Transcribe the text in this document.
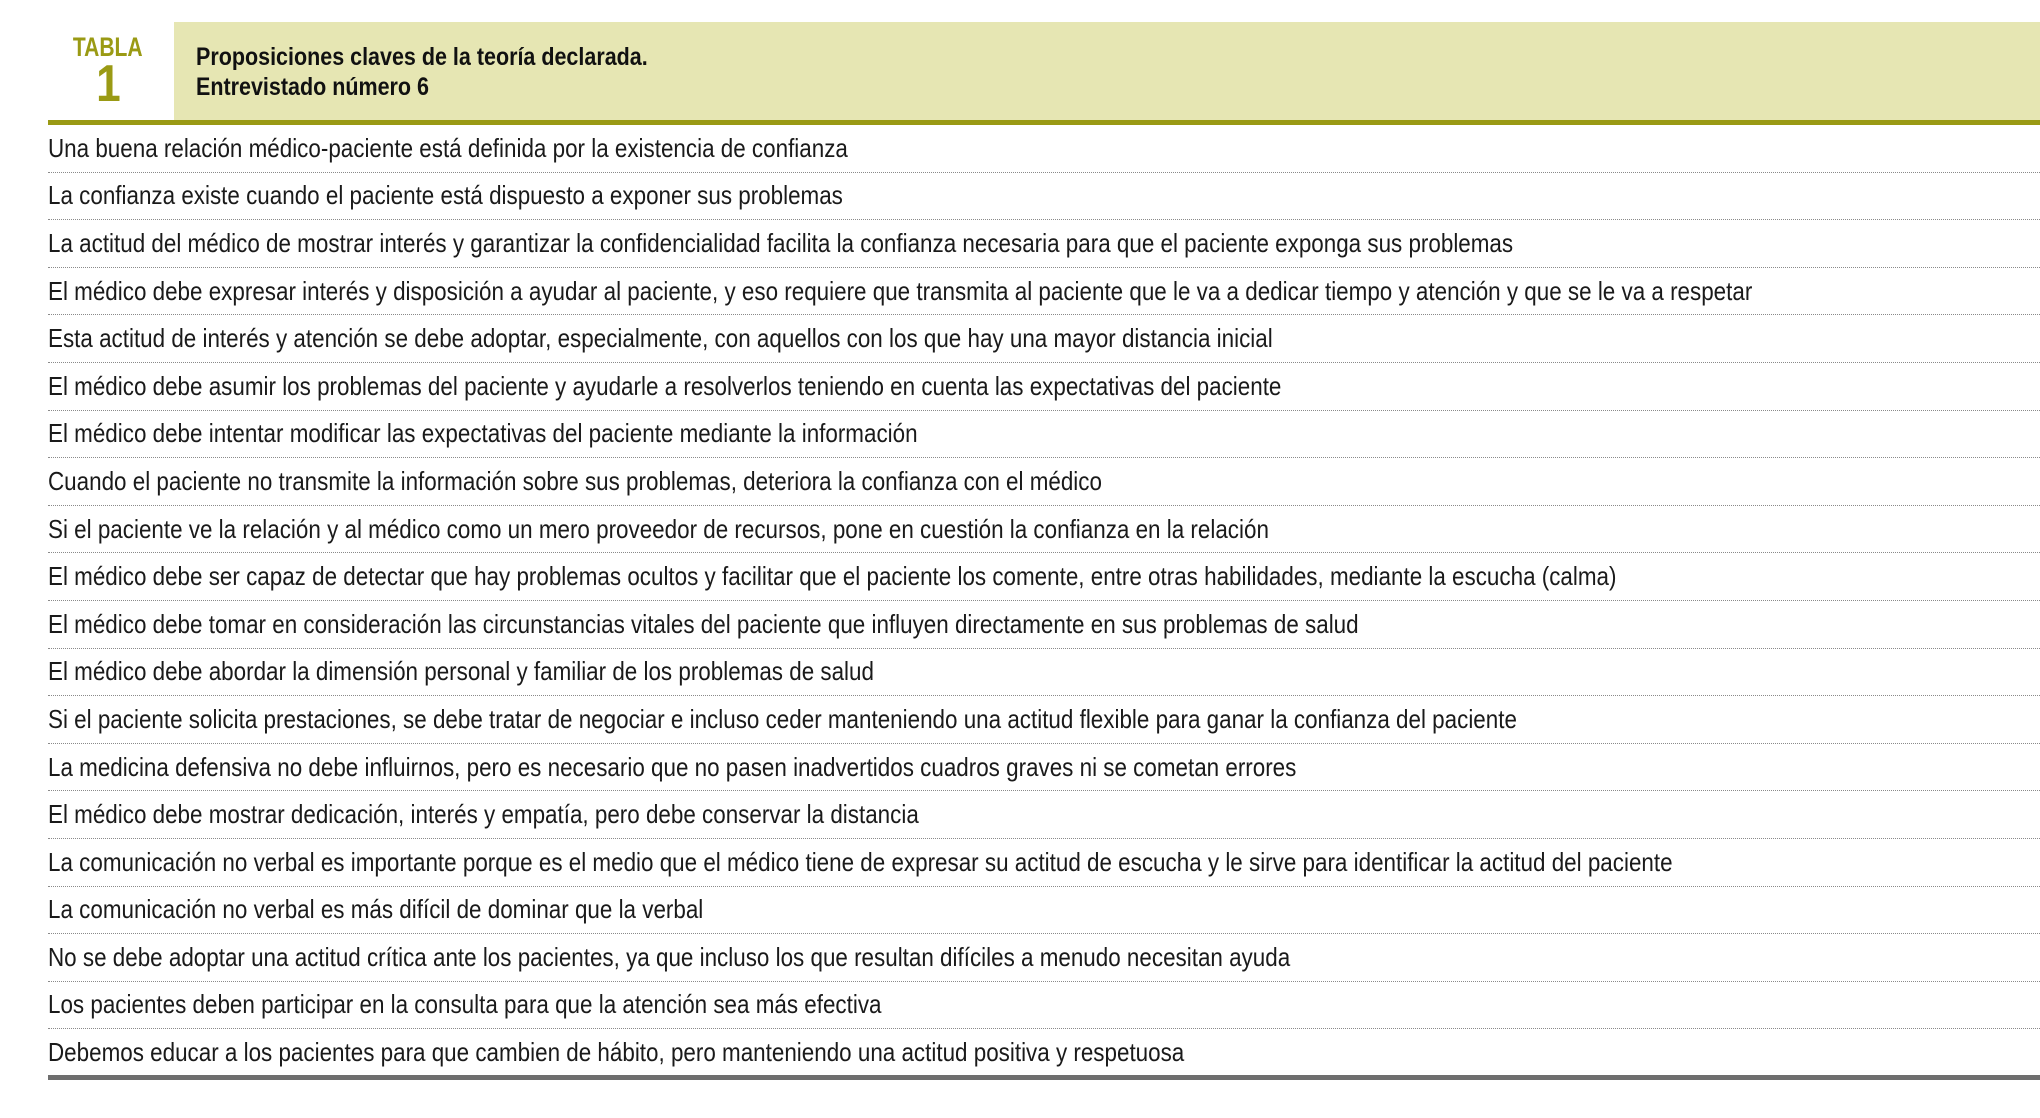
TABLA
1	Proposiciones claves de la teoría declarada.
Entrevistado número 6
Una buena relación médico-paciente está definida por la existencia de confianza
La confianza existe cuando el paciente está dispuesto a exponer sus problemas
La actitud del médico de mostrar interés y garantizar la confidencialidad facilita la confianza necesaria para que el paciente exponga sus problemas
El médico debe expresar interés y disposición a ayudar al paciente, y eso requiere que transmita al paciente que le va a dedicar tiempo y atención y que se le va a respetar
Esta actitud de interés y atención se debe adoptar, especialmente, con aquellos con los que hay una mayor distancia inicial
El médico debe asumir los problemas del paciente y ayudarle a resolverlos teniendo en cuenta las expectativas del paciente
El médico debe intentar modificar las expectativas del paciente mediante la información
Cuando el paciente no transmite la información sobre sus problemas, deteriora la confianza con el médico
Si el paciente ve la relación y al médico como un mero proveedor de recursos, pone en cuestión la confianza en la relación
El médico debe ser capaz de detectar que hay problemas ocultos y facilitar que el paciente los comente, entre otras habilidades, mediante la escucha (calma)
El médico debe tomar en consideración las circunstancias vitales del paciente que influyen directamente en sus problemas de salud
El médico debe abordar la dimensión personal y familiar de los problemas de salud
Si el paciente solicita prestaciones, se debe tratar de negociar e incluso ceder manteniendo una actitud flexible para ganar la confianza del paciente
La medicina defensiva no debe influirnos, pero es necesario que no pasen inadvertidos cuadros graves ni se cometan errores
El médico debe mostrar dedicación, interés y empatía, pero debe conservar la distancia
La comunicación no verbal es importante porque es el medio que el médico tiene de expresar su actitud de escucha y le sirve para identificar la actitud del paciente
La comunicación no verbal es más difícil de dominar que la verbal
No se debe adoptar una actitud crítica ante los pacientes, ya que incluso los que resultan difíciles a menudo necesitan ayuda
Los pacientes deben participar en la consulta para que la atención sea más efectiva
Debemos educar a los pacientes para que cambien de hábito, pero manteniendo una actitud positiva y respetuosa
